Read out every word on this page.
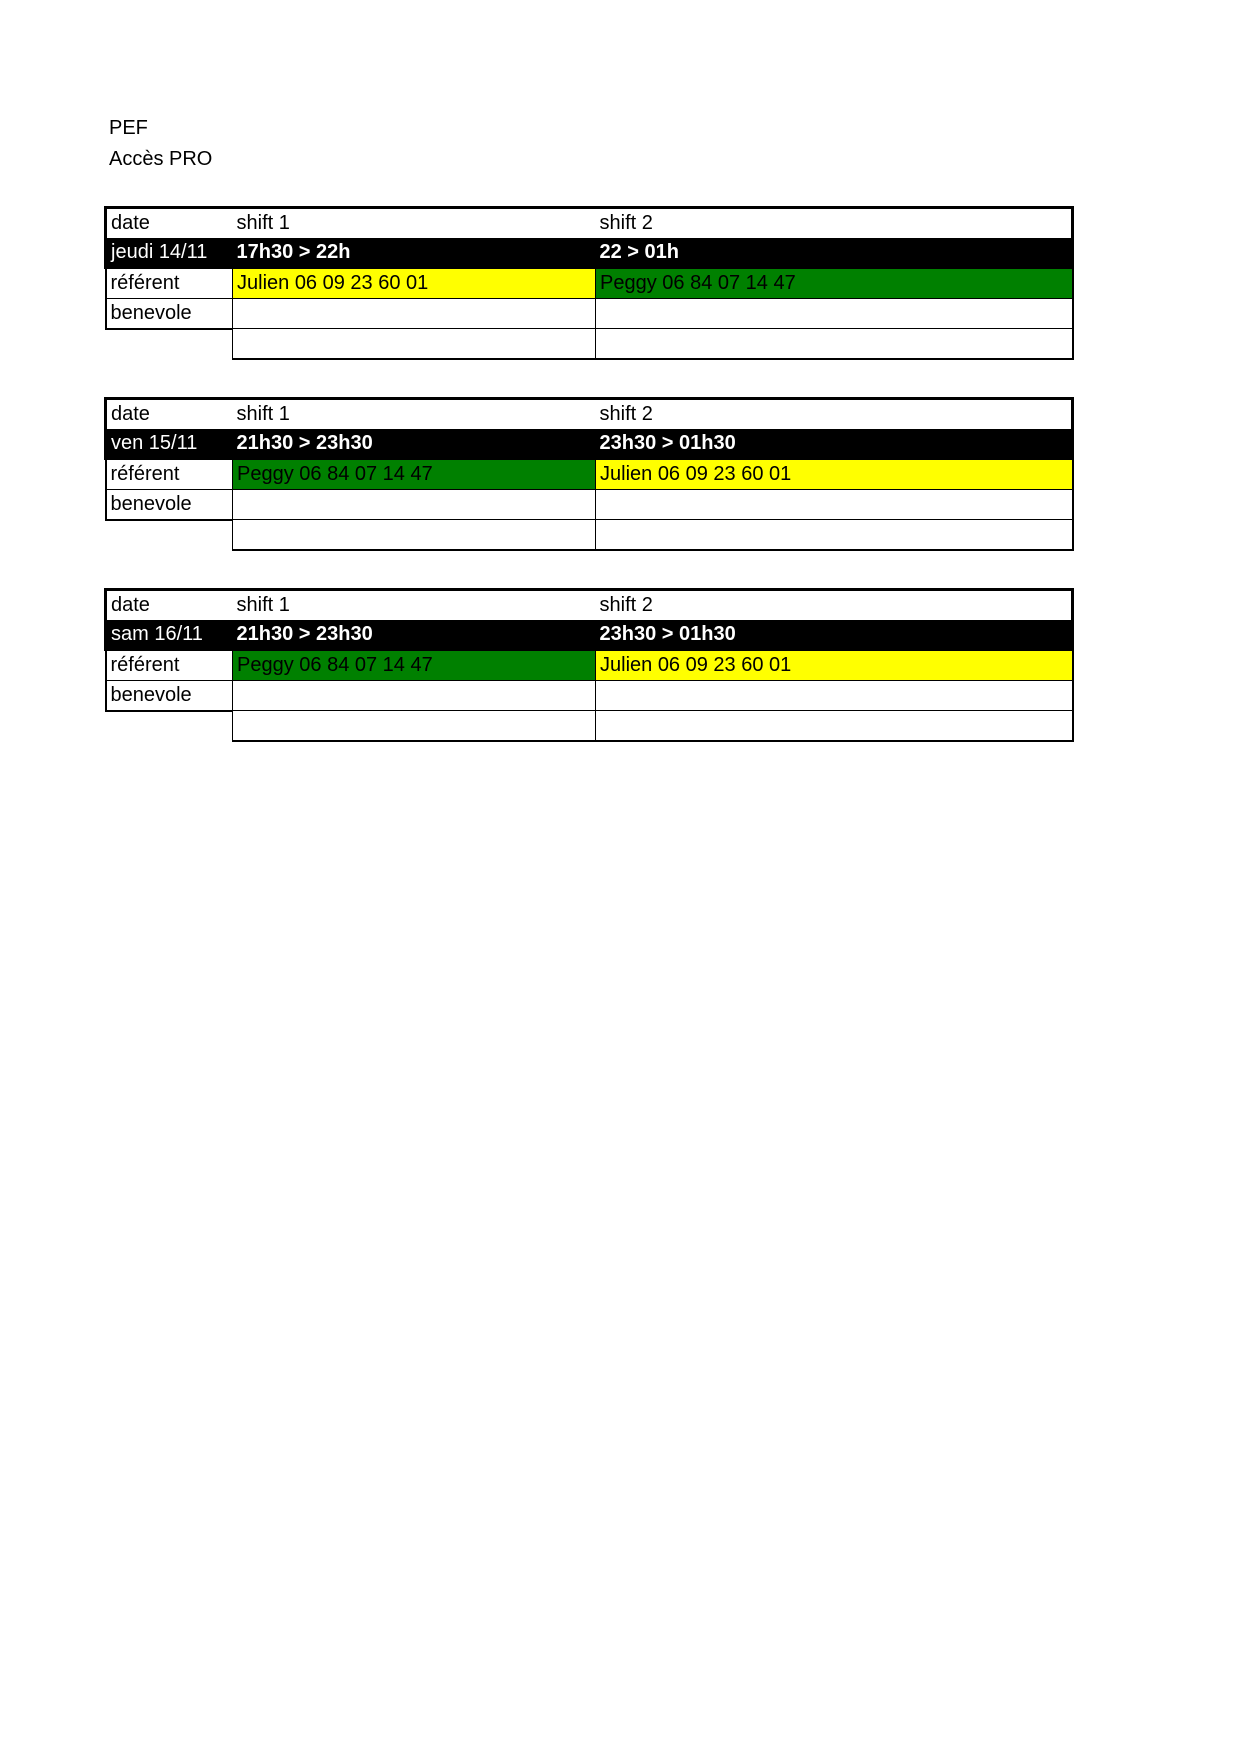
PEF
Accès PRO
date	shift 1	shift 2
jeudi 14/11	17h30 > 22h	22 > 01h
référent	Julien 06 09 23 60 01	Peggy 06 84 07 14 47
benevole		

date	shift 1	shift 2
ven 15/11	21h30 > 23h30	23h30 > 01h30
référent	Peggy 06 84 07 14 47	Julien 06 09 23 60 01
benevole		

date	shift 1	shift 2
sam 16/11	21h30 > 23h30	23h30 > 01h30
référent	Peggy 06 84 07 14 47	Julien 06 09 23 60 01
benevole		
